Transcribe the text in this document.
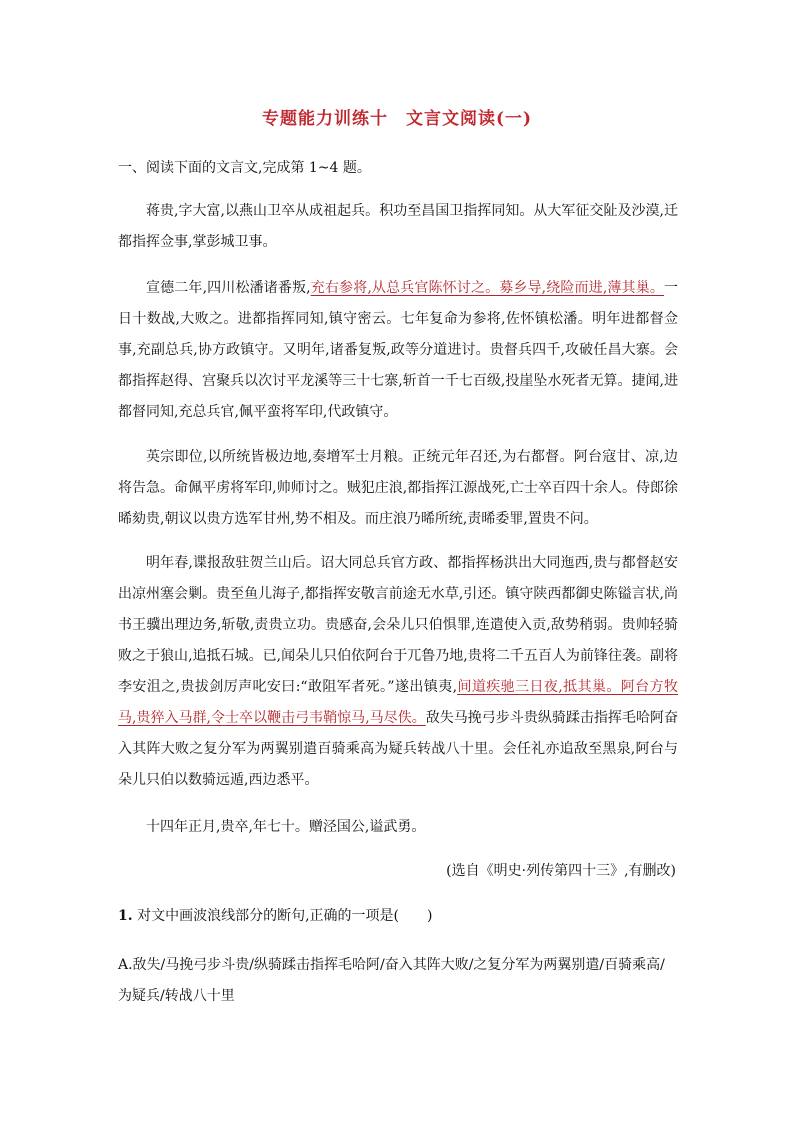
专题能力训练十　文言文阅读(一)
一、阅读下面的文言文,完成第 1~4 题。

蒋贵,字大富,以燕山卫卒从成祖起兵。积功至昌国卫指挥同知。从大军征交阯及沙漠,迁都指挥佥事,掌彭城卫事。

宣德二年,四川松潘诸番叛,充右参将,从总兵官陈怀讨之。募乡导,绕险而进,薄其巢。一日十数战,大败之。进都指挥同知,镇守密云。七年复命为参将,佐怀镇松潘。明年进都督佥事,充副总兵,协方政镇守。又明年,诸番复叛,政等分道进讨。贵督兵四千,攻破任昌大寨。会都指挥赵得、宫聚兵以次讨平龙溪等三十七寨,斩首一千七百级,投崖坠水死者无算。捷闻,进都督同知,充总兵官,佩平蛮将军印,代政镇守。

英宗即位,以所统皆极边地,奏增军士月粮。正统元年召还,为右都督。阿台寇甘、凉,边将告急。命佩平虏将军印,帅师讨之。贼犯庄浪,都指挥江源战死,亡士卒百四十余人。侍郎徐晞劾贵,朝议以贵方选军甘州,势不相及。而庄浪乃晞所统,责晞委罪,置贵不问。

明年春,谍报敌驻贺兰山后。诏大同总兵官方政、都指挥杨洪出大同迤西,贵与都督赵安出凉州塞会剿。贵至鱼儿海子,都指挥安敬言前途无水草,引还。镇守陕西都御史陈镒言状,尚书王骥出理边务,斩敬,责贵立功。贵感奋,会朵儿只伯惧罪,连遣使入贡,敌势稍弱。贵帅轻骑败之于狼山,追抵石城。已,闻朵儿只伯依阿台于兀鲁乃地,贵将二千五百人为前锋往袭。副将李安沮之,贵拔剑厉声叱安曰:“敢阻军者死。”遂出镇夷,间道疾驰三日夜,抵其巢。阿台方牧马,贵猝入马群,令士卒以鞭击弓韦鞘惊马,马尽佚。敌失马挽弓步斗贵纵骑蹂击指挥毛哈阿奋入其阵大败之复分军为两翼别遣百骑乘高为疑兵转战八十里。会任礼亦追敌至黑泉,阿台与朵儿只伯以数骑远遁,西边悉平。

十四年正月,贵卒,年七十。赠泾国公,谥武勇。

(选自《明史·列传第四十三》,有删改)
1. 对文中画波浪线部分的断句,正确的一项是(　　)

A.敌失/马挽弓步斗贵/纵骑蹂击指挥毛哈阿/奋入其阵大败/之复分军为两翼别遣/百骑乘高/为疑兵/转战八十里
